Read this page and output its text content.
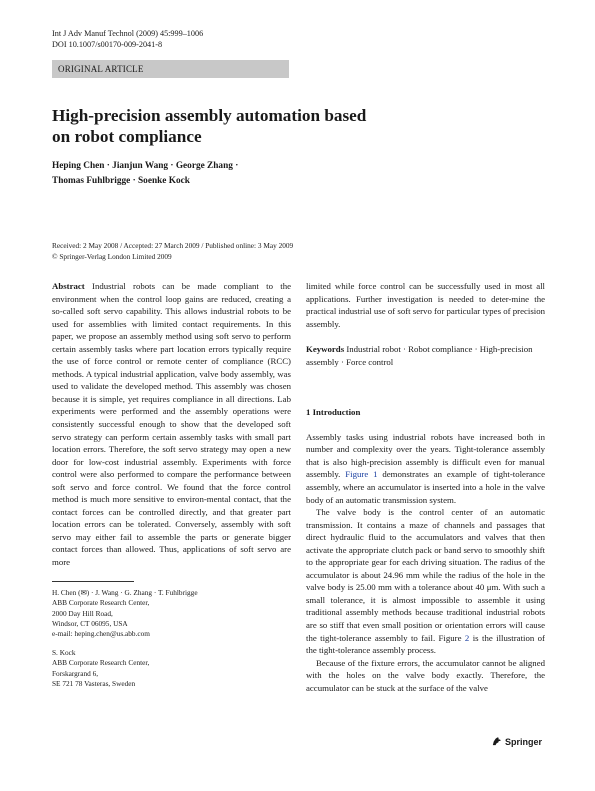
Int J Adv Manuf Technol (2009) 45:999–1006
DOI 10.1007/s00170-009-2041-8
ORIGINAL ARTICLE
High-precision assembly automation based
on robot compliance
Heping Chen · Jianjun Wang · George Zhang ·
Thomas Fuhlbrigge · Soenke Kock
Received: 2 May 2008 / Accepted: 27 March 2009 / Published online: 3 May 2009
© Springer-Verlag London Limited 2009

Abstract Industrial robots can be made compliant to the environment when the control loop gains are reduced, creating a so-called soft servo capability. This allows industrial robots to be used for assemblies with limited contact requirements. In this paper, we propose an assembly method using soft servo to perform certain assembly tasks where part location errors typically require the use of force control or remote center of compliance (RCC) methods. A typical industrial application, valve body assembly, was used to validate the developed method. This assembly was chosen because it is simple, yet requires compliance in all directions. Lab experiments were performed and the assembly operations were consistently successful enough to show that the developed soft servo strategy can perform certain assembly tasks with small part location errors. Therefore, the soft servo strategy may open a new door for low-cost industrial assembly. Experiments with force control were also performed to compare the performance between soft servo and force control. We found that the force control method is much more sensitive to environ-mental contact, that the contact forces can be controlled directly, and that greater part location errors can be tolerated. Conversely, assembly with soft servo may either fail to assemble the parts or generate bigger contact forces than allowed. Thus, applications of soft servo are more

H. Chen (✉) · J. Wang · G. Zhang · T. Fuhlbrigge
ABB Corporate Research Center,
2000 Day Hill Road,
Windsor, CT 06095, USA
e-mail: heping.chen@us.abb.com
S. Kock
ABB Corporate Research Center,
Forskargrand 6,
SE 721 78 Vasteras, Sweden

limited while force control can be successfully used in most all applications. Further investigation is needed to deter-mine the practical industrial use of soft servo for particular types of precision assembly.

Keywords Industrial robot · Robot compliance · High-precision assembly · Force control

1 Introduction

Assembly tasks using industrial robots have increased both in number and complexity over the years. Tight-tolerance assembly that is also high-precision assembly is difficult even for manual assembly. Figure 1 demonstrates an example of tight-tolerance assembly, where an accumulator is inserted into a hole in the valve body of an automatic transmission system.

The valve body is the control center of an automatic transmission. It contains a maze of channels and passages that direct hydraulic fluid to the accumulators and valves that then activate the appropriate clutch pack or band servo to smoothly shift to the appropriate gear for each driving situation. The radius of the accumulator is about 24.96 mm while the radius of the hole in the valve body is 25.00 mm with a tolerance about 40 μm. With such a small tolerance, it is almost impossible to assemble it using traditional assembly methods because traditional industrial robots are so stiff that even small position or orientation errors will cause the tight-tolerance assembly to fail. Figure 2 is the illustration of the tight-tolerance assembly process.

Because of the fixture errors, the accumulator cannot be aligned with the holes on the valve body exactly. Therefore, the accumulator can be stuck at the surface of the valve

Springer
